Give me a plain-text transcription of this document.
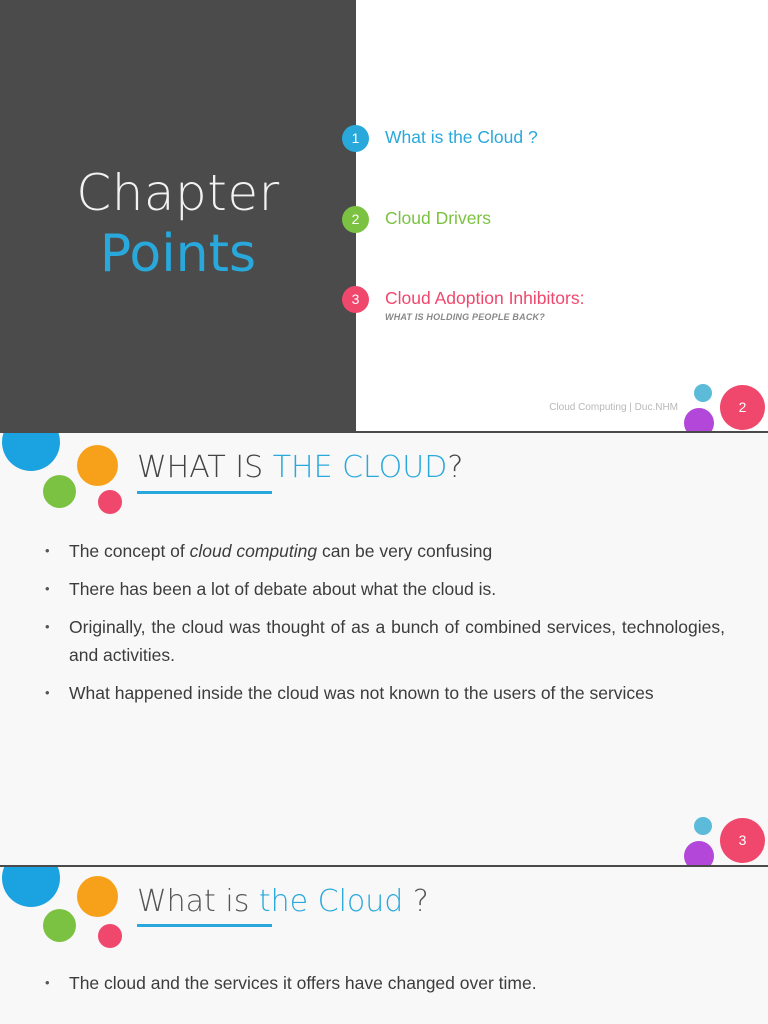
Chapter
Points
1	What is the Cloud ?
2	Cloud Drivers
3	Cloud Adoption Inhibitors:
WHAT IS HOLDING PEOPLE BACK?
Cloud Computing | Duc.NHM	2
WHAT IS THE CLOUD?
• The concept of cloud computing can be very confusing
• There has been a lot of debate about what the cloud is.
• Originally, the cloud was thought of as a bunch of combined services, technologies, and activities.
• What happened inside the cloud was not known to the users of the services
3
What is the Cloud ?
• The cloud and the services it offers have changed over time.
